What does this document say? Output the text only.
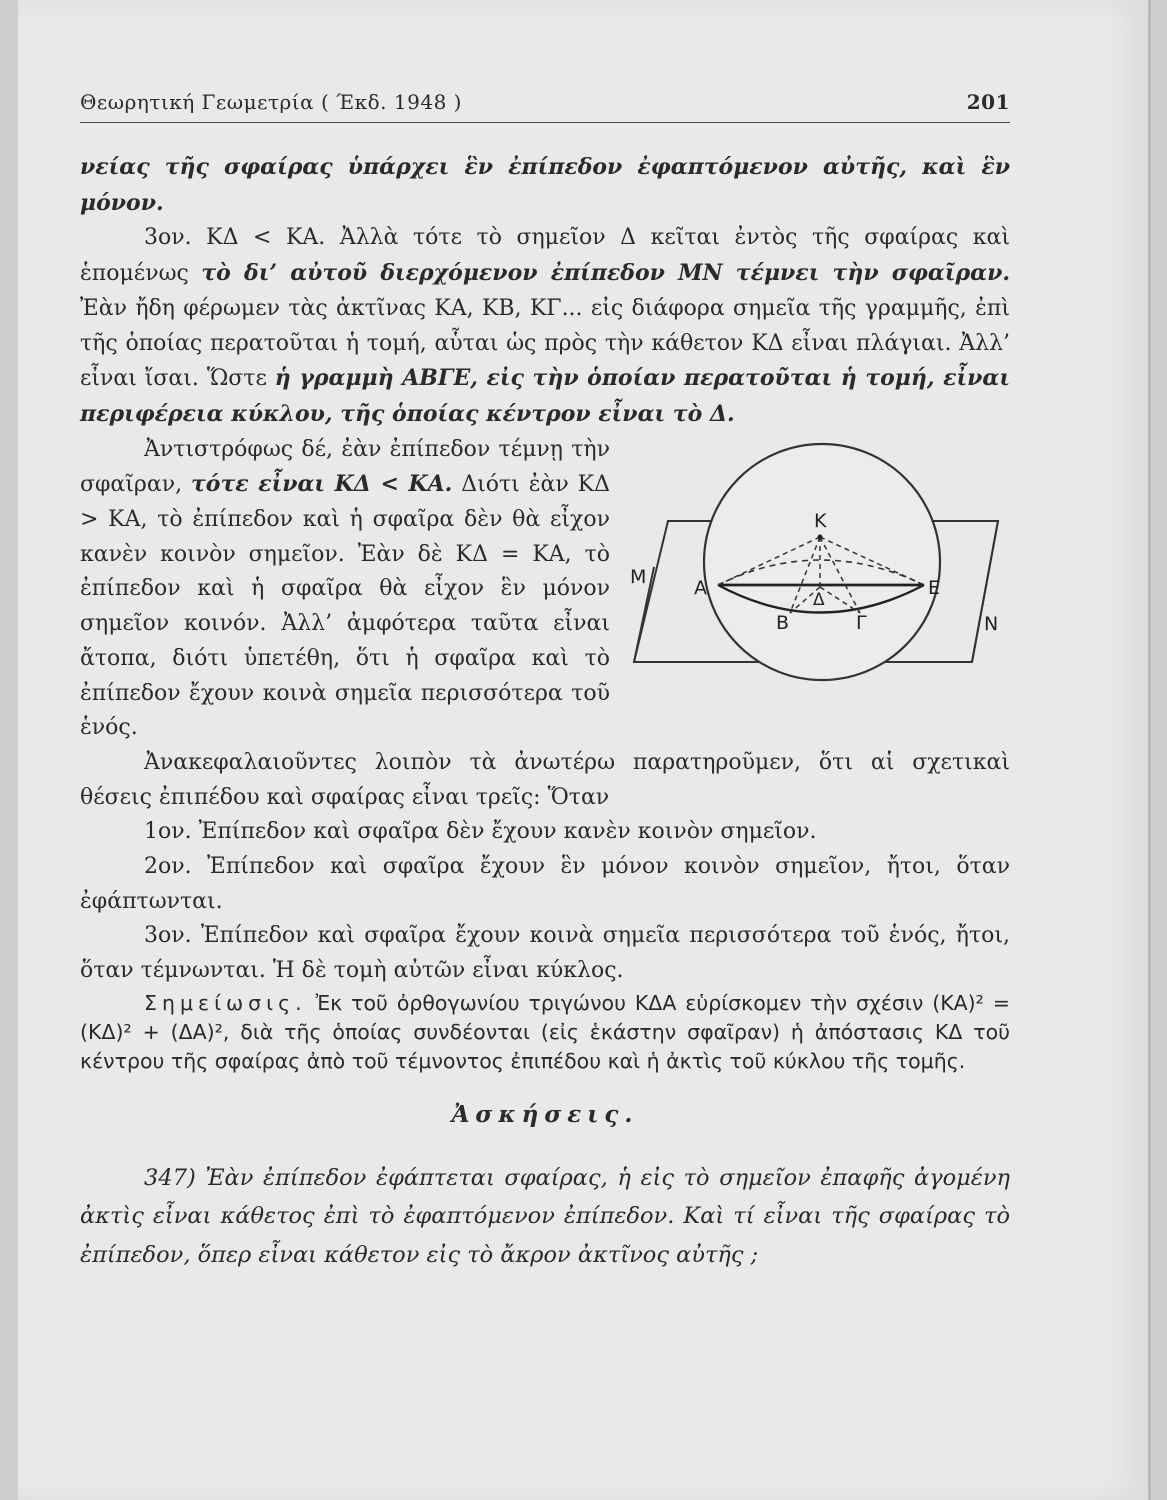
Θεωρητική Γεωμετρία ( Έκδ. 1948 )	201

νείας τῆς σφαίρας ὑπάρχει ἓν ἐπίπεδον ἐφαπτόμενον αὐτῆς, καὶ ἓν μόνον.

3ον. ΚΔ < ΚΑ. Ἀλλὰ τότε τὸ σημεῖον Δ κεῖται ἐντὸς τῆς σφαίρας καὶ ἑπομένως τὸ δι’ αὐτοῦ διερχόμενον ἐπίπεδον ΜΝ τέμνει τὴν σφαῖραν. Ἐὰν ἤδη φέρωμεν τὰς ἀκτῖνας ΚΑ, ΚΒ, ΚΓ... εἰς διάφορα σημεῖα τῆς γραμμῆς, ἐπὶ τῆς ὁποίας περατοῦται ἡ τομή, αὗται ὡς πρὸς τὴν κάθετον ΚΔ εἶναι πλάγιαι. Ἀλλ’ εἶναι ἴσαι. Ὥστε ἡ γραμμὴ ΑΒΓΕ, εἰς τὴν ὁποίαν περατοῦται ἡ τομή, εἶναι περιφέρεια κύκλου, τῆς ὁποίας κέντρον εἶναι τὸ Δ.

Κ
Μ	Α	Ε
Δ
Β	Γ	Ν

Ἀντιστρόφως δέ, ἐὰν ἐπίπεδον τέμνῃ τὴν σφαῖραν, τότε εἶναι ΚΔ < ΚΑ. Διότι ἐὰν ΚΔ > ΚΑ, τὸ ἐπίπεδον καὶ ἡ σφαῖρα δὲν θὰ εἶχον κανὲν κοινὸν σημεῖον. Ἐὰν δὲ ΚΔ = ΚΑ, τὸ ἐπίπεδον καὶ ἡ σφαῖρα θὰ εἶχον ἓν μόνον σημεῖον κοινόν. Ἀλλ’ ἀμφότερα ταῦτα εἶναι ἄτοπα, διότι ὑπετέθη, ὅτι ἡ σφαῖρα καὶ τὸ ἐπίπεδον ἔχουν κοινὰ σημεῖα περισσότερα τοῦ ἑνός.

Ἀνακεφαλαιοῦντες λοιπὸν τὰ ἀνωτέρω παρατηροῦμεν, ὅτι αἱ σχετικαὶ θέσεις ἐπιπέδου καὶ σφαίρας εἶναι τρεῖς: Ὅταν

1ον. Ἐπίπεδον καὶ σφαῖρα δὲν ἔχουν κανὲν κοινὸν σημεῖον.

2ον. Ἐπίπεδον καὶ σφαῖρα ἔχουν ἓν μόνον κοινὸν σημεῖον, ἤτοι, ὅταν ἐφάπτωνται.

3ον. Ἐπίπεδον καὶ σφαῖρα ἔχουν κοινὰ σημεῖα περισσότερα τοῦ ἑνός, ἤτοι, ὅταν τέμνωνται. Ἡ δὲ τομὴ αὐτῶν εἶναι κύκλος.

Σημείωσις. Ἐκ τοῦ ὀρθογωνίου τριγώνου ΚΔΑ εὑρίσκομεν τὴν σχέσιν (ΚΑ)² = (ΚΔ)² + (ΔΑ)², διὰ τῆς ὁποίας συνδέονται (εἰς ἑκάστην σφαῖραν) ἡ ἀπόστασις ΚΔ τοῦ κέντρου τῆς σφαίρας ἀπὸ τοῦ τέμνοντος ἐπιπέδου καὶ ἡ ἀκτὶς τοῦ κύκλου τῆς τομῆς.

Ἀσκήσεις.

347) Ἐὰν ἐπίπεδον ἐφάπτεται σφαίρας, ἡ εἰς τὸ σημεῖον ἐπαφῆς ἀγομένη ἀκτὶς εἶναι κάθετος ἐπὶ τὸ ἐφαπτόμενον ἐπίπεδον. Καὶ τί εἶναι τῆς σφαίρας τὸ ἐπίπεδον, ὅπερ εἶναι κάθετον εἰς τὸ ἄκρον ἀκτῖνος αὐτῆς ;
